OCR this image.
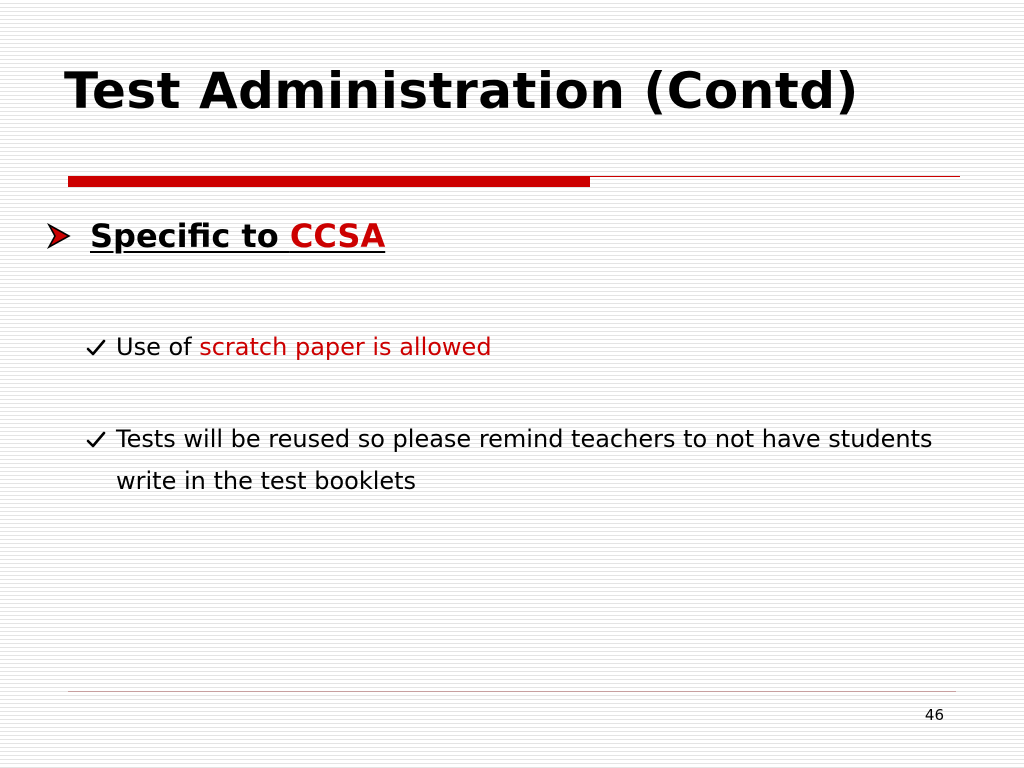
Test Administration (Contd)
Specific to CCSA
Use of scratch paper is allowed
Tests will be reused so please remind teachers to not have students write in the test booklets
46
